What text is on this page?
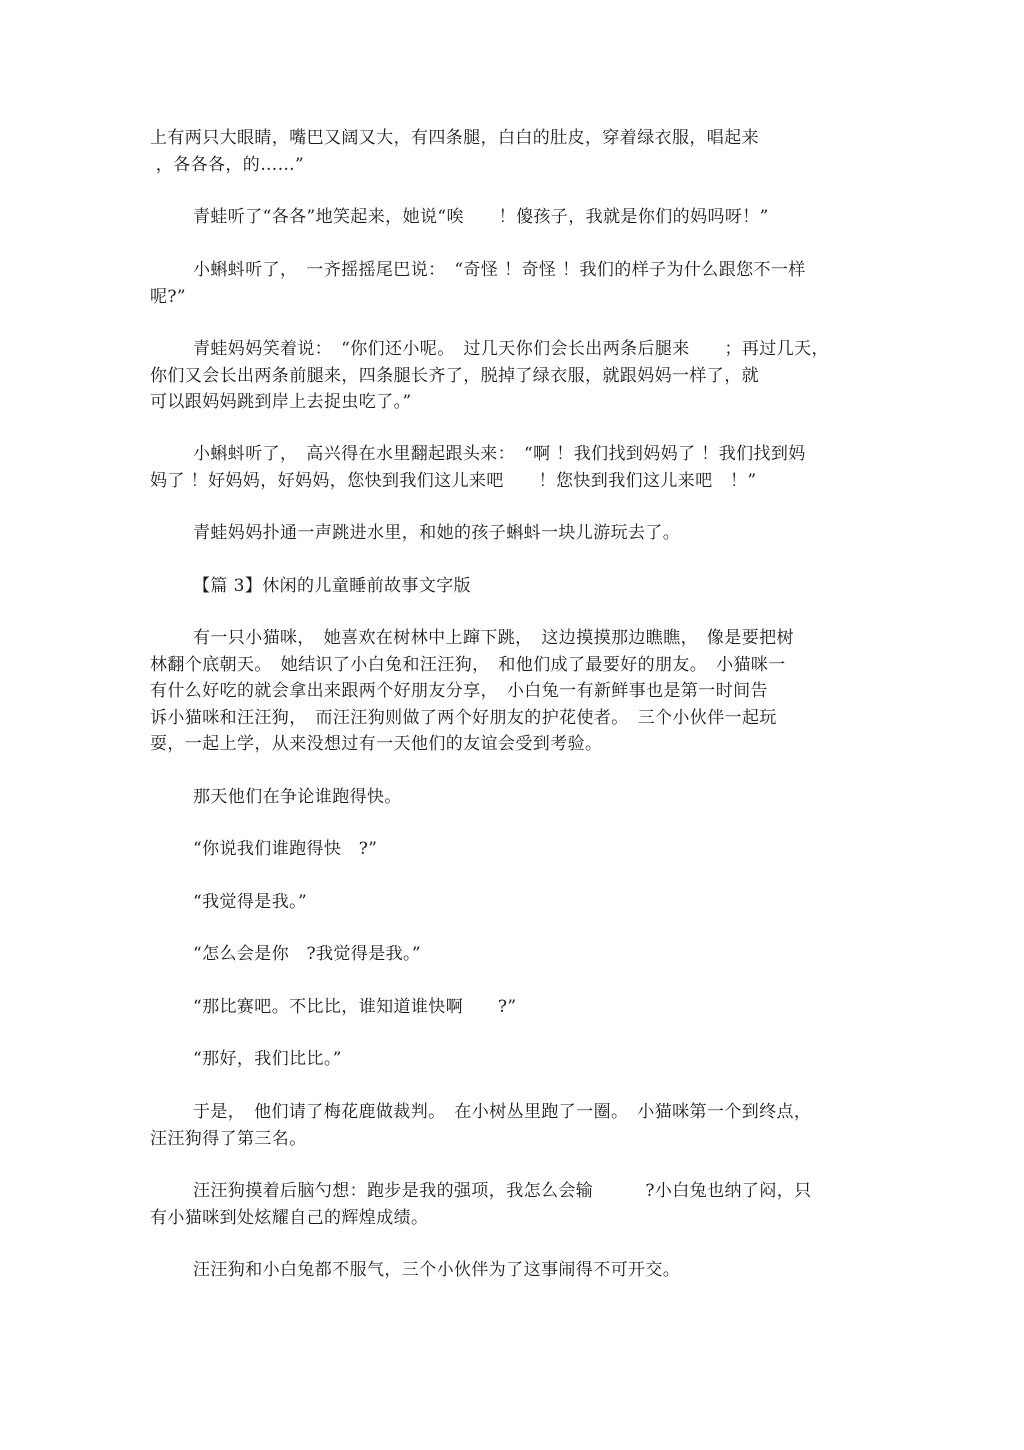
上有两只大眼睛，嘴巴又阔又大，有四条腿，白白的肚皮，穿着绿衣服，唱起来
，各各各，的……”
青蛙听了“各各”地笑起来，她说“唉　　！傻孩子，我就是你们的妈吗呀！”
小蝌蚪听了，　一齐摇摇尾巴说：　“奇怪 ！奇怪 ！我们的样子为什么跟您不一样
呢?”
青蛙妈妈笑着说：　“你们还小呢。　过几天你们会长出两条后腿来　　；再过几天，
你们又会长出两条前腿来，四条腿长齐了，脱掉了绿衣服，就跟妈妈一样了，就
可以跟妈妈跳到岸上去捉虫吃了。”
小蝌蚪听了，　高兴得在水里翻起跟头来：　“啊 ！我们找到妈妈了 ！我们找到妈
妈了 ！好妈妈，好妈妈，您快到我们这儿来吧　　！您快到我们这儿来吧　！”
青蛙妈妈扑通一声跳进水里，和她的孩子蝌蚪一块儿游玩去了。
【篇 3】休闲的儿童睡前故事文字版
有一只小猫咪，　她喜欢在树林中上蹿下跳，　这边摸摸那边瞧瞧，　像是要把树
林翻个底朝天。　她结识了小白兔和汪汪狗，　和他们成了最要好的朋友。　小猫咪一
有什么好吃的就会拿出来跟两个好朋友分享，　小白兔一有新鲜事也是第一时间告
诉小猫咪和汪汪狗，　而汪汪狗则做了两个好朋友的护花使者。　三个小伙伴一起玩
耍，一起上学，从来没想过有一天他们的友谊会受到考验。
那天他们在争论谁跑得快。
“你说我们谁跑得快　?”
“我觉得是我。”
“怎么会是你　?我觉得是我。”
“那比赛吧。不比比，谁知道谁快啊　　?”
“那好，我们比比。”
于是，　他们请了梅花鹿做裁判。　在小树丛里跑了一圈。　小猫咪第一个到终点，
汪汪狗得了第三名。
汪汪狗摸着后脑勺想：跑步是我的强项，我怎么会输　　　?小白兔也纳了闷，只
有小猫咪到处炫耀自己的辉煌成绩。
汪汪狗和小白兔都不服气，三个小伙伴为了这事闹得不可开交。
